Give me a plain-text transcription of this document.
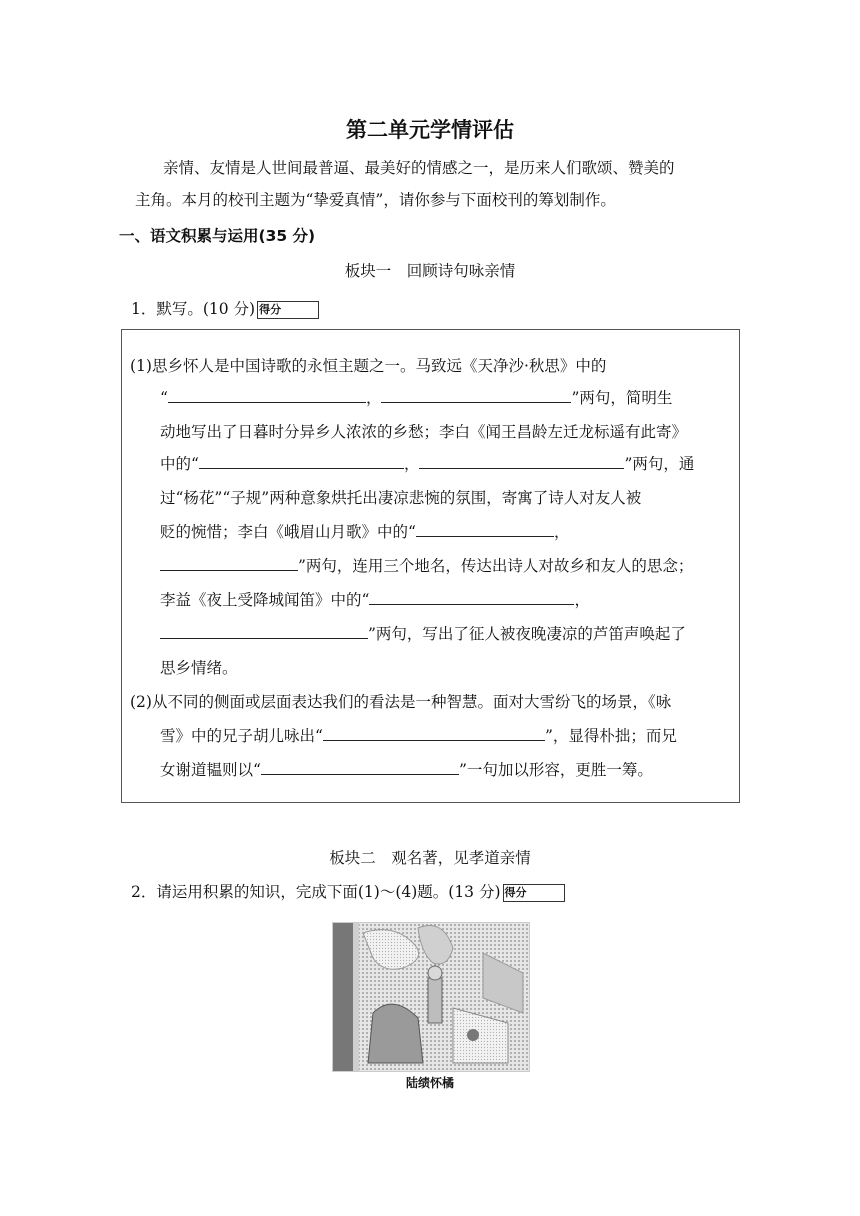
第二单元学情评估
亲情、友情是人世间最普逼、最美好的情感之一，是历来人们歌颂、赞美的
主角。本月的校刊主题为“挚爱真情”，请你参与下面校刊的筹划制作。
一、语文积累与运用(35 分)
板块一　回顾诗句咏亲情
1．默写。(10 分) 得分
(1)思乡怀人是中国诗歌的永恒主题之一。马致远《天净沙·秋思》中的
“	，	”两句，简明生
动地写出了日暮时分异乡人浓浓的乡愁；李白《闻王昌龄左迁龙标遥有此寄》
中的“	，	”两句，通
过“杨花”“子规”两种意象烘托出凄凉悲惋的氛围，寄寓了诗人对友人被
贬的惋惜；李白《峨眉山月歌》中的“	，
”两句，连用三个地名，传达出诗人对故乡和友人的思念；
李益《夜上受降城闻笛》中的“	，
”两句，写出了征人被夜晚凄凉的芦笛声唤起了
思乡情绪。
(2)从不同的侧面或层面表达我们的看法是一种智慧。面对大雪纷飞的场景，《咏
雪》中的兄子胡儿咏出“	”，显得朴拙；而兄
女谢道韫则以“	”一句加以形容，更胜一筹。
板块二　观名著，见孝道亲情
2．请运用积累的知识，完成下面(1)～(4)题。(13 分) 得分
陆绩怀橘
